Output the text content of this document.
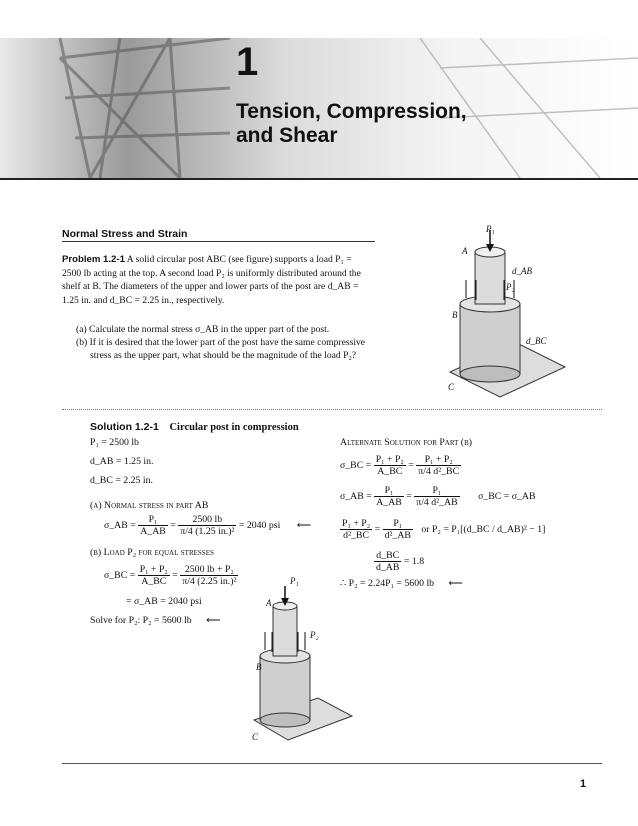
1
Tension, Compression,
and Shear
Normal Stress and Strain
Problem 1.2-1 A solid circular post ABC (see figure) supports a load P₁ = 2500 lb acting at the top. A second load P₂ is uniformly distributed around the shelf at B. The diameters of the upper and lower parts of the post are d_AB = 1.25 in. and d_BC = 2.25 in., respectively.
(a) Calculate the normal stress σ_AB in the upper part of the post.
(b) If it is desired that the lower part of the post have the same compressive stress as the upper part, what should be the magnitude of the load P₂?
P₁
A
d_AB
P₂
B
d_BC
C
Solution 1.2-1 Circular post in compression
P₁ = 2500 lb
d_AB = 1.25 in.
d_BC = 2.25 in.
(a) Normal stress in part AB
σ_AB = $\frac{\text{P₁}}{A\_AB} = \frac{2500 lb}{\text{π/4 (1.25 in.)²}} = 2040$ psi ⟵
(b) Load P₂ for equal stresses
σ_BC = $\frac{\text{P₁ + P₂}}{A\_BC} = \frac{\text{2500 lb + P₂}}{\text{π/4 (2.25 in.)²}}$
= σ_AB = 2040 psi
Solve for P₂: P₂ = 5600 lb ⟵
P₁
A
P₂
B
C
Alternate Solution for Part (b)
σ_BC = $\frac{\text{P₁ + P₂}}{A\_BC} = \frac{\text{P₁ + P₂}}{\text{π/4 d²\_BC}}$
σ_AB = $\frac{\text{P₁}}{A\_AB} = \frac{\text{P₁}}{\text{π/4 d²\_AB}}$ σ_BC = σ_AB
$\frac{\text{P₁ + P₂}}{\text{d²\_BC}} = \frac{\text{P₁}}{\text{d²\_AB}}$ or P₂ = P₁[(d_BC / d_AB)² − 1]
$\frac{d\_BC}{d\_AB} = 1.8$
∴ P₂ = 2.24P₁ = 5600 lb ⟵
1
